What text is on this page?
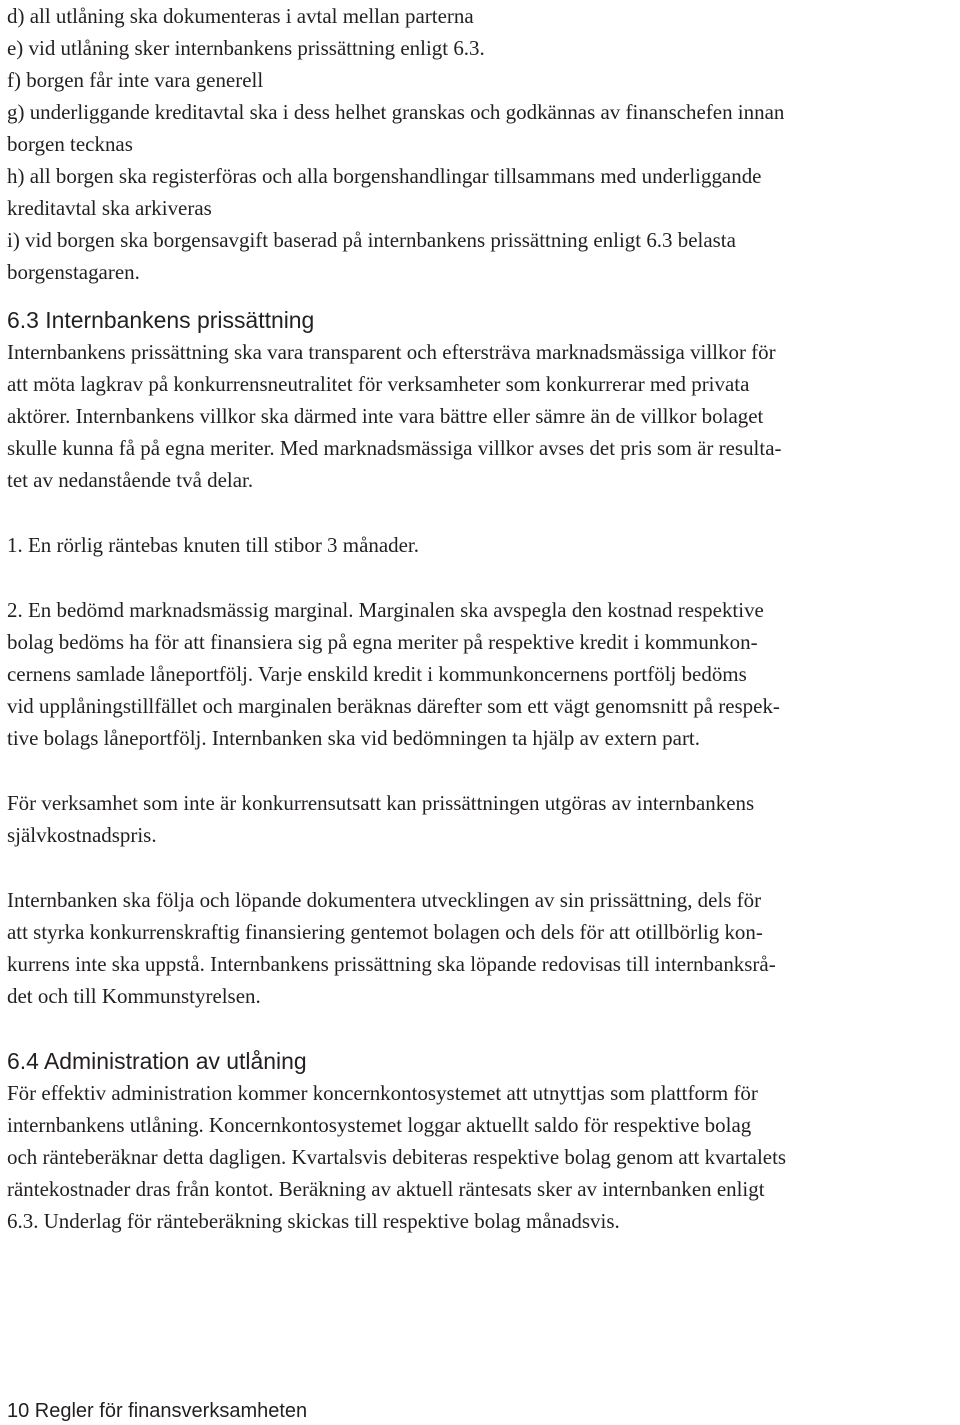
d) all utlåning ska dokumenteras i avtal mellan parterna
e) vid utlåning sker internbankens prissättning enligt 6.3.
f) borgen får inte vara generell
g) underliggande kreditavtal ska i dess helhet granskas och godkännas av finanschefen innan
borgen tecknas
h) all borgen ska registerföras och alla borgenshandlingar tillsammans med underliggande
kreditavtal ska arkiveras
i) vid borgen ska borgensavgift baserad på internbankens prissättning enligt 6.3 belasta
borgenstagaren.
6.3 Internbankens prissättning
Internbankens prissättning ska vara transparent och eftersträva marknadsmässiga villkor för
att möta lagkrav på konkurrensneutralitet för verksamheter som konkurrerar med privata
aktörer. Internbankens villkor ska därmed inte vara bättre eller sämre än de villkor bolaget
skulle kunna få på egna meriter. Med marknadsmässiga villkor avses det pris som är resulta-
tet av nedanstående två delar.
1. En rörlig räntebas knuten till stibor 3 månader.
2. En bedömd marknadsmässig marginal. Marginalen ska avspegla den kostnad respektive
bolag bedöms ha för att finansiera sig på egna meriter på respektive kredit i kommunkon-
cernens samlade låneportfölj. Varje enskild kredit i kommunkoncernens portfölj bedöms
vid upplåningstillfället och marginalen beräknas därefter som ett vägt genomsnitt på respek-
tive bolags låneportfölj. Internbanken ska vid bedömningen ta hjälp av extern part.
För verksamhet som inte är konkurrensutsatt kan prissättningen utgöras av internbankens
självkostnadspris.
Internbanken ska följa och löpande dokumentera utvecklingen av sin prissättning, dels för
att styrka konkurrenskraftig finansiering gentemot bolagen och dels för att otillbörlig kon-
kurrens inte ska uppstå. Internbankens prissättning ska löpande redovisas till internbanksrå-
det och till Kommunstyrelsen.
6.4 Administration av utlåning
För effektiv administration kommer koncernkontosystemet att utnyttjas som plattform för
internbankens utlåning. Koncernkontosystemet loggar aktuellt saldo för respektive bolag
och ränteberäknar detta dagligen. Kvartalsvis debiteras respektive bolag genom att kvartalets
räntekostnader dras från kontot. Beräkning av aktuell räntesats sker av internbanken enligt
6.3. Underlag för ränteberäkning skickas till respektive bolag månadsvis.
10 Regler för finansverksamheten
